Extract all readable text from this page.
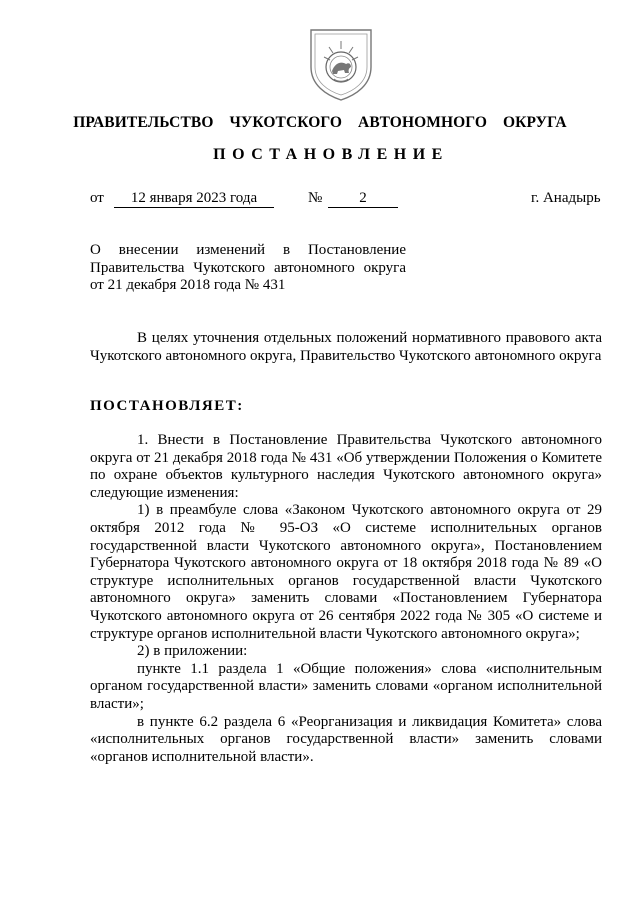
ПРАВИТЕЛЬСТВО  ЧУКОТСКОГО  АВТОНОМНОГО  ОКРУГА
ПОСТАНОВЛЕНИЕ
от	12 января 2023 года	№	2	г. Анадырь
О внесении изменений в Постановление
Правительства Чукотского автономного округа
от 21 декабря 2018 года № 431

В целях уточнения отдельных положений нормативного правового акта Чукотского автономного округа, Правительство Чукотского автономного округа

ПОСТАНОВЛЯЕТ:

1. Внести в Постановление Правительства Чукотского автономного округа от 21 декабря 2018 года № 431 «Об утверждении Положения о Комитете по охране объектов культурного наследия Чукотского автономного округа» следующие изменения:

1) в преамбуле слова «Законом Чукотского автономного округа от 29 октября 2012 года № 95-ОЗ «О системе исполнительных органов государственной власти Чукотского автономного округа», Постановлением Губернатора Чукотского автономного округа от 18 октября 2018 года № 89 «О структуре исполнительных органов государственной власти Чукотского автономного округа» заменить словами «Постановлением Губернатора Чукотского автономного округа от 26 сентября 2022 года № 305 «О системе и структуре органов исполнительной власти Чукотского автономного округа»;

2) в приложении:

пункте 1.1 раздела 1 «Общие положения» слова «исполнительным органом государственной власти» заменить словами «органом исполнительной власти»;

в пункте 6.2 раздела 6 «Реорганизация и ликвидация Комитета» слова «исполнительных органов государственной власти» заменить словами «органов исполнительной власти».
